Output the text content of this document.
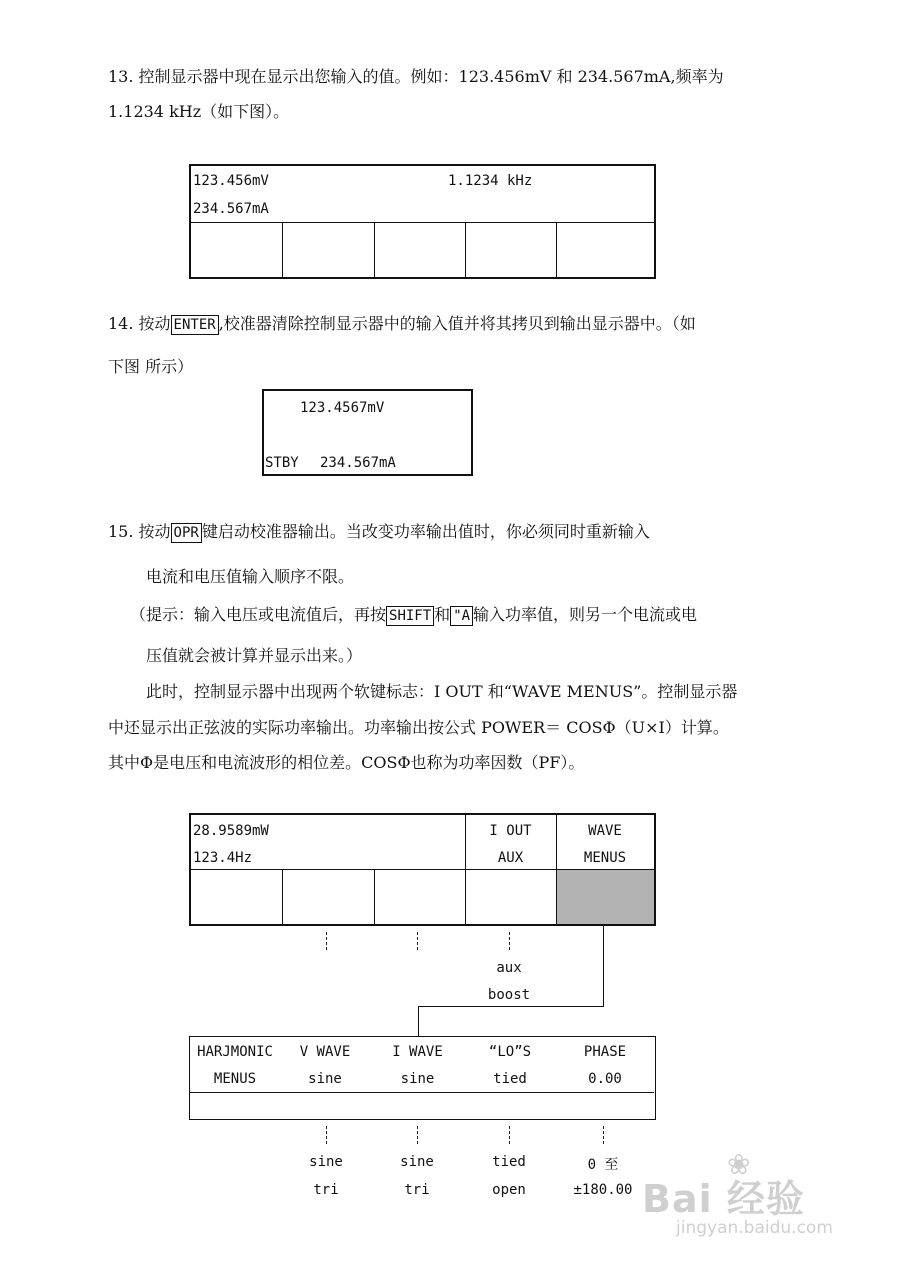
13. 控制显示器中现在显示出您输入的值。例如：123.456mV 和 234.567mA,频率为
1.1234 kHz（如下图）。
123.456mV
234.567mA
1.1234 kHz
14. 按动 ENTER ,校准器清除控制显示器中的输入值并将其拷贝到输出显示器中。（如
下图 所示）
123.4567mV
STBY 234.567mA
15. 按动 OPR 键启动校准器输出。当改变功率输出值时，你必须同时重新输入
电流和电压值输入顺序不限。
（提示：输入电压或电流值后，再按 SHIFT 和 "A 输入功率值，则另一个电流或电
压值就会被计算并显示出来。）
此时，控制显示器中出现两个软键标志：I OUT 和“WAVE MENUS”。控制显示器
中还显示出正弦波的实际功率输出。功率输出按公式 POWER＝ COSΦ（U×I）计算。
其中Φ是电压和电流波形的相位差。COSΦ也称为功率因数（PF）。
28.9589mW
123.4Hz
I OUT
AUX
WAVE
MENUS
aux
boost
HARJMONIC
MENUS
V WAVE
sine
I WAVE
sine
“LO”S
tied
PHASE
0.00
sine
tri
sine
tri
tied
open
0 至
±180.00
❀
Bai 经验
jingyan.baidu.com
